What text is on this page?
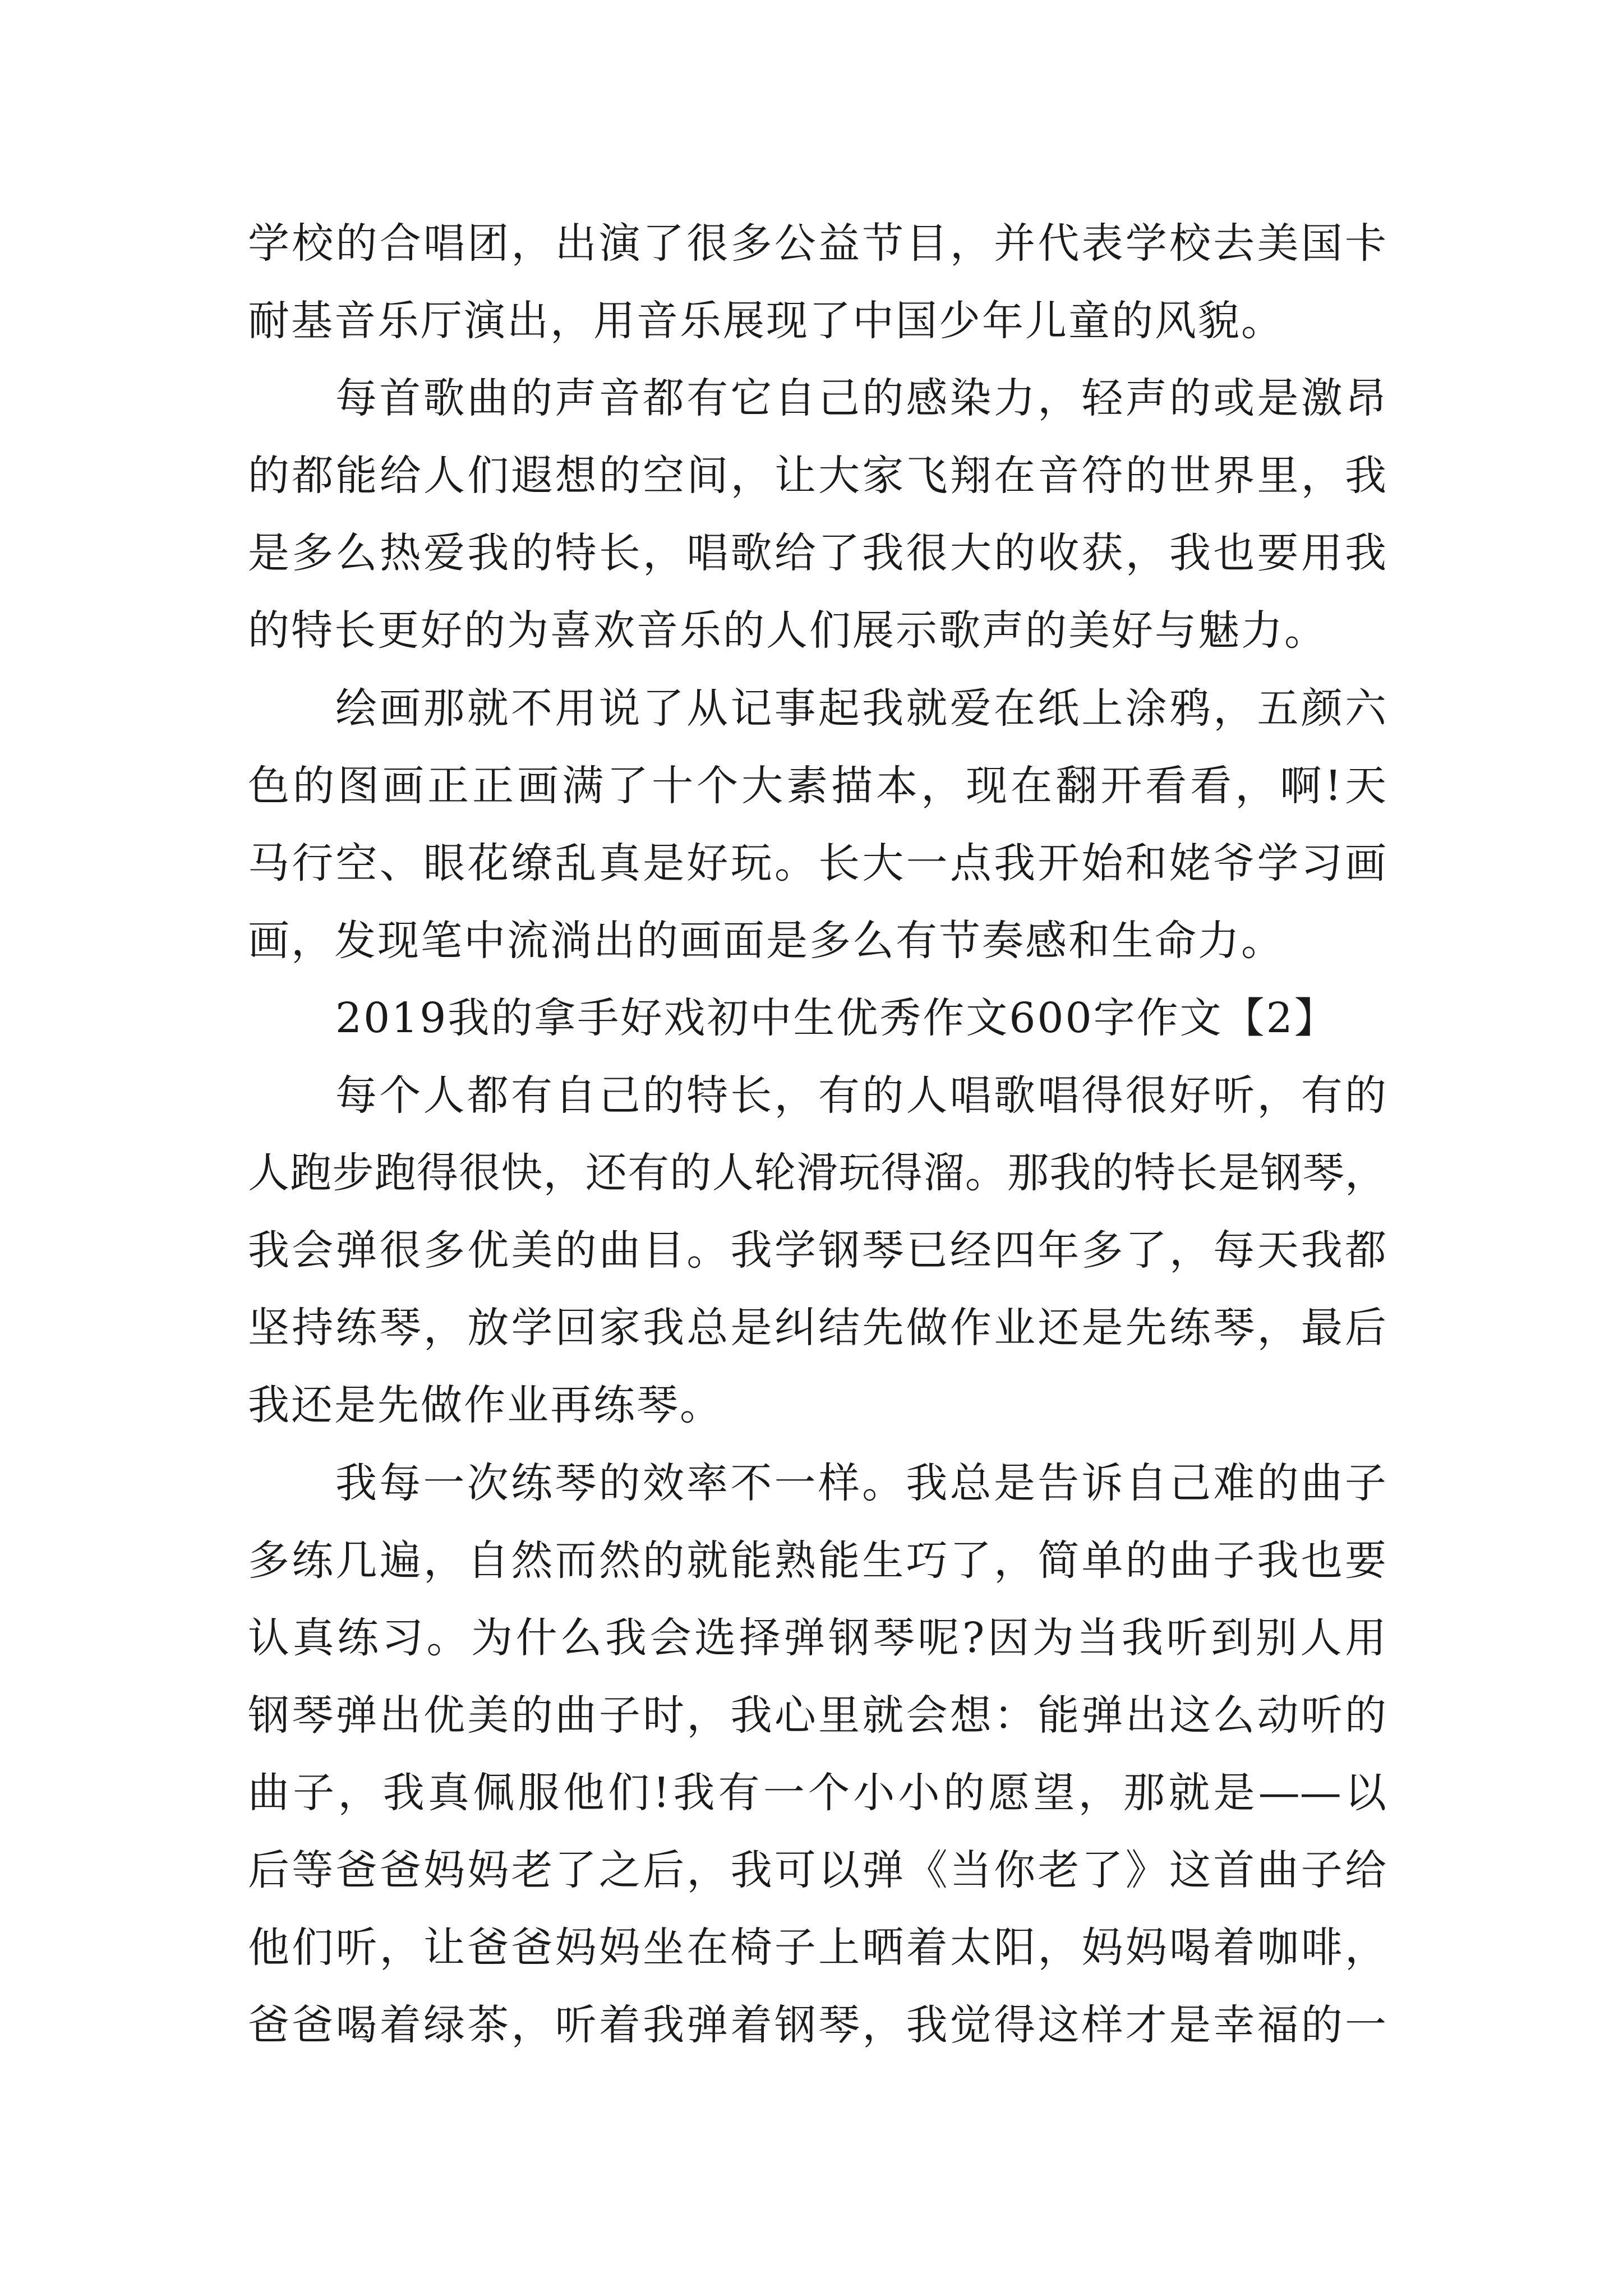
学校的合唱团，出演了很多公益节目，并代表学校去美国卡
耐基音乐厅演出，用音乐展现了中国少年儿童的风貌。
每首歌曲的声音都有它自己的感染力，轻声的或是激昂
的都能给人们遐想的空间，让大家飞翔在音符的世界里，我
是多么热爱我的特长，唱歌给了我很大的收获，我也要用我
的特长更好的为喜欢音乐的人们展示歌声的美好与魅力。
绘画那就不用说了从记事起我就爱在纸上涂鸦，五颜六
色的图画正正画满了十个大素描本，现在翻开看看，啊!天
马行空、眼花缭乱真是好玩。长大一点我开始和姥爷学习画
画，发现笔中流淌出的画面是多么有节奏感和生命力。
2019我的拿手好戏初中生优秀作文600字作文【2】
每个人都有自己的特长，有的人唱歌唱得很好听，有的
人跑步跑得很快，还有的人轮滑玩得溜。那我的特长是钢琴，
我会弹很多优美的曲目。我学钢琴已经四年多了，每天我都
坚持练琴，放学回家我总是纠结先做作业还是先练琴，最后
我还是先做作业再练琴。
我每一次练琴的效率不一样。我总是告诉自己难的曲子
多练几遍，自然而然的就能熟能生巧了，简单的曲子我也要
认真练习。为什么我会选择弹钢琴呢?因为当我听到别人用
钢琴弹出优美的曲子时，我心里就会想：能弹出这么动听的
曲子，我真佩服他们!我有一个小小的愿望，那就是——以
后等爸爸妈妈老了之后，我可以弹《当你老了》这首曲子给
他们听，让爸爸妈妈坐在椅子上晒着太阳，妈妈喝着咖啡，
爸爸喝着绿茶，听着我弹着钢琴，我觉得这样才是幸福的一
